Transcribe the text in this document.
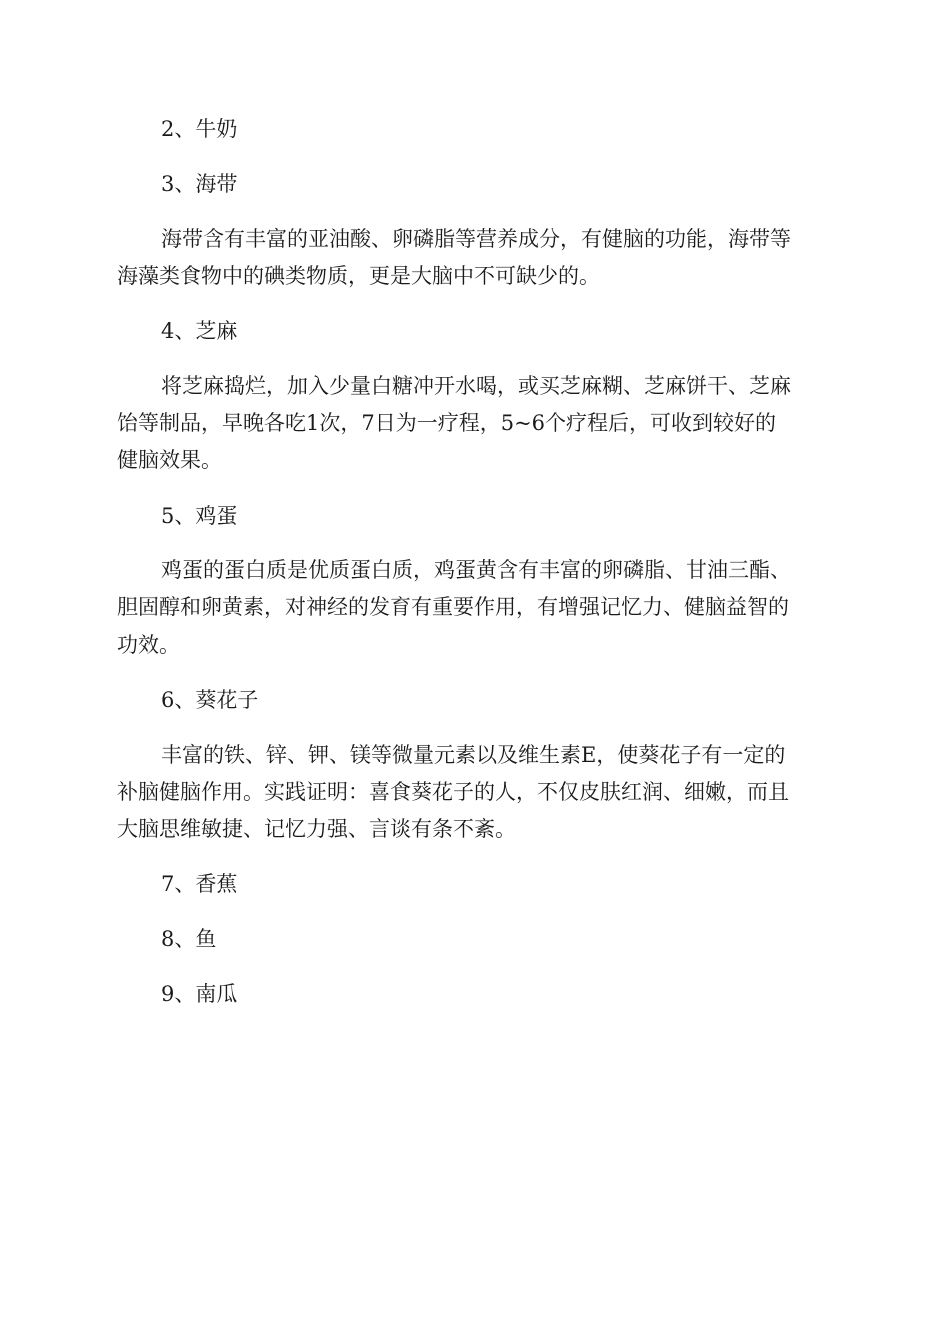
2、牛奶
3、海带
海带含有丰富的亚油酸、卵磷脂等营养成分，有健脑的功能，海带等
海藻类食物中的碘类物质，更是大脑中不可缺少的。
4、芝麻
将芝麻捣烂，加入少量白糖冲开水喝，或买芝麻糊、芝麻饼干、芝麻
饴等制品，早晚各吃1次，7日为一疗程，5~6个疗程后，可收到较好的
健脑效果。
5、鸡蛋
鸡蛋的蛋白质是优质蛋白质，鸡蛋黄含有丰富的卵磷脂、甘油三酯、
胆固醇和卵黄素，对神经的发育有重要作用，有增强记忆力、健脑益智的
功效。
6、葵花子
丰富的铁、锌、钾、镁等微量元素以及维生素E，使葵花子有一定的
补脑健脑作用。实践证明：喜食葵花子的人，不仅皮肤红润、细嫩，而且
大脑思维敏捷、记忆力强、言谈有条不紊。
7、香蕉
8、鱼
9、南瓜
